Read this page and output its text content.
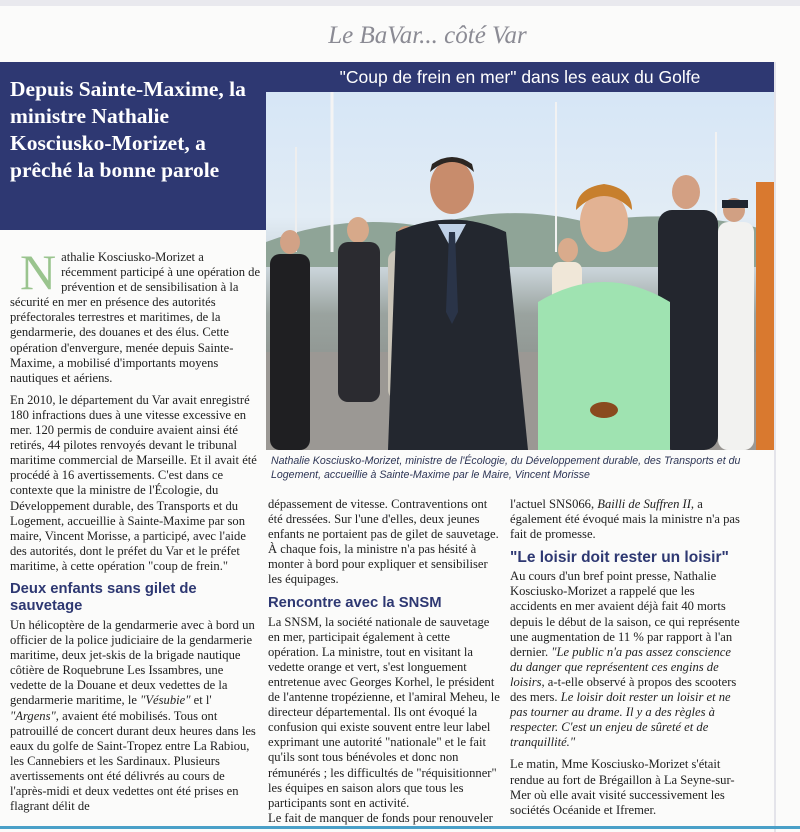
Le BaVar... côté Var
Depuis Sainte-Maxime, la ministre Nathalie Kosciusko-Morizet, a prêché la bonne parole
"Coup de frein en mer" dans les eaux du Golfe
Nathalie Kosciusko-Morizet, ministre de l'Écologie, du Développement durable, des Transports et du Logement, accueillie à Sainte-Maxime par le Maire, Vincent Morisse

Nathalie Kosciusko-Morizet a récemment participé à une opération de prévention et de sensibilisation à la sécurité en mer en présence des autorités préfectorales terrestres et maritimes, de la gendarmerie, des douanes et des élus. Cette opération d'envergure, menée depuis Sainte-Maxime, a mobilisé d'importants moyens nautiques et aériens.

En 2010, le département du Var avait enregistré 180 infractions dues à une vitesse excessive en mer. 120 permis de conduire avaient ainsi été retirés, 44 pilotes renvoyés devant le tribunal maritime commercial de Marseille. Et il avait été procédé à 16 avertissements. C'est dans ce contexte que la ministre de l'Écologie, du Développement durable, des Transports et du Logement, accueillie à Sainte-Maxime par son maire, Vincent Morisse, a participé, avec l'aide des autorités, dont le préfet du Var et le préfet maritime, à cette opération "coup de frein."

Deux enfants sans gilet de sauvetage

Un hélicoptère de la gendarmerie avec à bord un officier de la police judiciaire de la gendarmerie maritime, deux jet-skis de la brigade nautique côtière de Roquebrune Les Issambres, une vedette de la Douane et deux vedettes de la gendarmerie maritime, le "Vésubie" et l' "Argens", avaient été mobilisés. Tous ont patrouillé de concert durant deux heures dans les eaux du golfe de Saint-Tropez entre La Rabiou, les Cannebiers et les Sardinaux. Plusieurs avertissements ont été délivrés au cours de l'après-midi et deux vedettes ont été prises en flagrant délit de

dépassement de vitesse. Contraventions ont été dressées. Sur l'une d'elles, deux jeunes enfants ne portaient pas de gilet de sauvetage. À chaque fois, la ministre n'a pas hésité à monter à bord pour expliquer et sensibiliser les équipages.

Rencontre avec la SNSM

La SNSM, la société nationale de sauvetage en mer, participait également à cette opération. La ministre, tout en visitant la vedette orange et vert, s'est longuement entretenue avec Georges Korhel, le président de l'antenne tropézienne, et l'amiral Meheu, le directeur départemental. Ils ont évoqué la confusion qui existe souvent entre leur label exprimant une autorité "nationale" et le fait qu'ils sont tous bénévoles et donc non rémunérés ; les difficultés de "réquisitionner" les équipes en saison alors que tous les participants sont en activité.

Le fait de manquer de fonds pour renouveler

l'actuel SNS066, Bailli de Suffren II, a également été évoqué mais la ministre n'a pas fait de promesse.

"Le loisir doit rester un loisir"

Au cours d'un bref point presse, Nathalie Kosciusko-Morizet a rappelé que les accidents en mer avaient déjà fait 40 morts depuis le début de la saison, ce qui représente une augmentation de 11 % par rapport à l'an dernier. "Le public n'a pas assez conscience du danger que représentent ces engins de loisirs, a-t-elle observé à propos des scooters des mers. Le loisir doit rester un loisir et ne pas tourner au drame. Il y a des règles à respecter. C'est un enjeu de sûreté et de tranquillité."

Le matin, Mme Kosciusko-Morizet s'était rendue au fort de Brégaillon à La Seyne-sur-Mer où elle avait visité successivement les sociétés Océanide et Ifremer.
